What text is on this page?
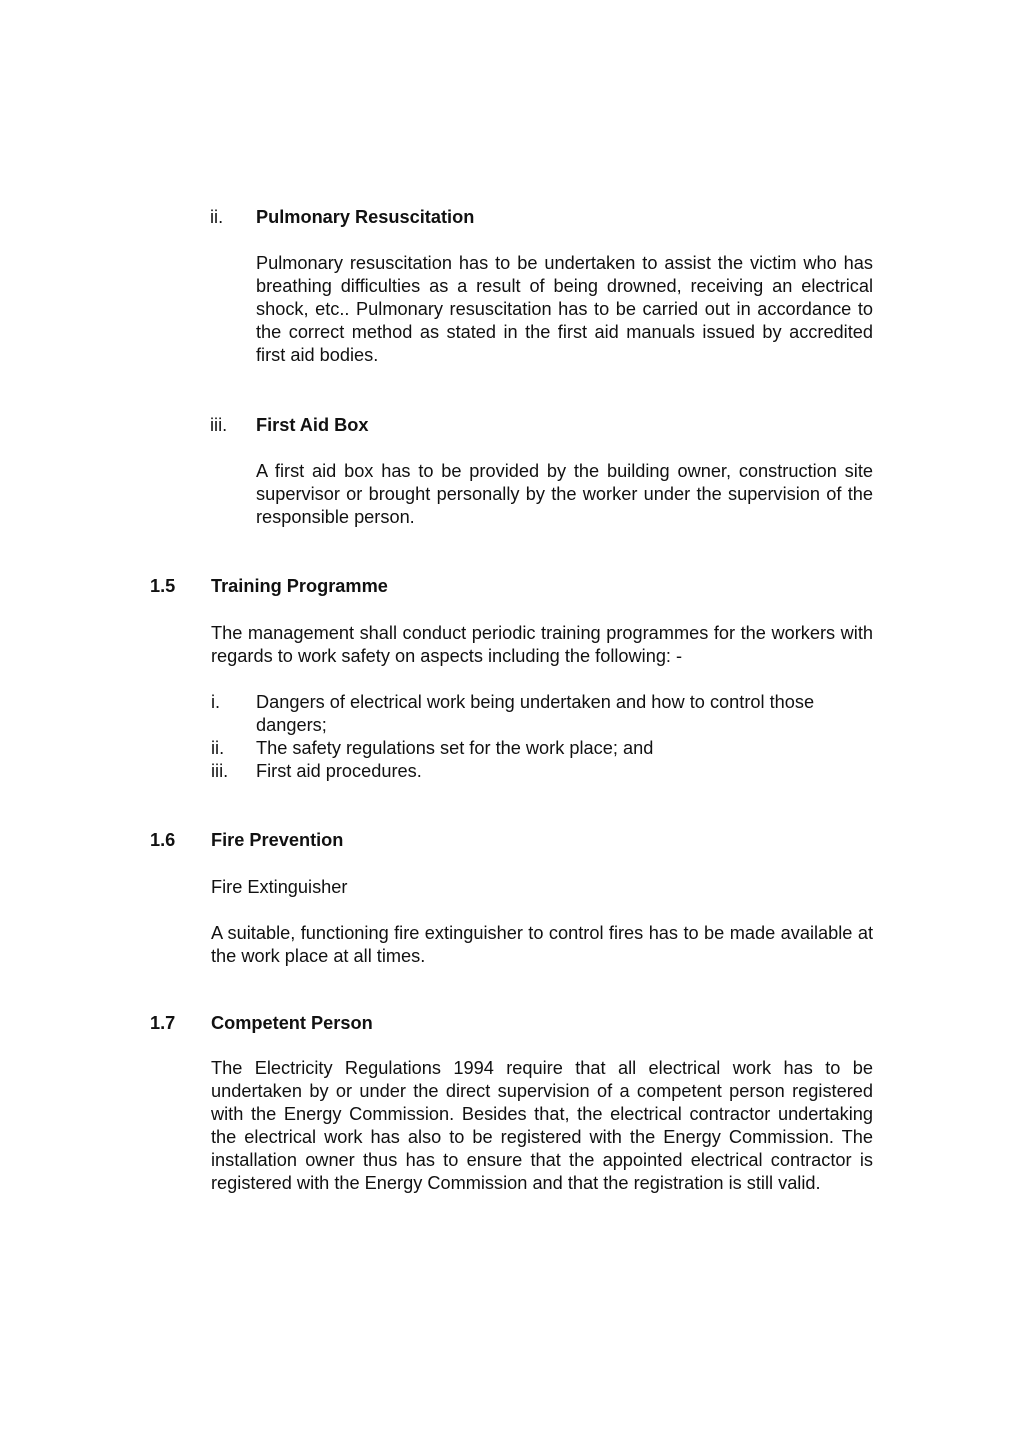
ii. Pulmonary Resuscitation

Pulmonary resuscitation has to be undertaken to assist the victim who has breathing difficulties as a result of being drowned, receiving an electrical shock, etc.. Pulmonary resuscitation has to be carried out in accordance to the correct method as stated in the first aid manuals issued by accredited first aid bodies.

iii. First Aid Box

A first aid box has to be provided by the building owner, construction site supervisor or brought personally by the worker under the supervision of the responsible person.

1.5 Training Programme

The management shall conduct periodic training programmes for the workers with regards to work safety on aspects including the following: -

i. Dangers of electrical work being undertaken and how to control those dangers;
ii. The safety regulations set for the work place; and
iii. First aid procedures.
1.6 Fire Prevention
Fire Extinguisher

A suitable, functioning fire extinguisher to control fires has to be made available at the work place at all times.

1.7 Competent Person

The Electricity Regulations 1994 require that all electrical work has to be undertaken by or under the direct supervision of a competent person registered with the Energy Commission. Besides that, the electrical contractor undertaking the electrical work has also to be registered with the Energy Commission. The installation owner thus has to ensure that the appointed electrical contractor is registered with the Energy Commission and that the registration is still valid.
